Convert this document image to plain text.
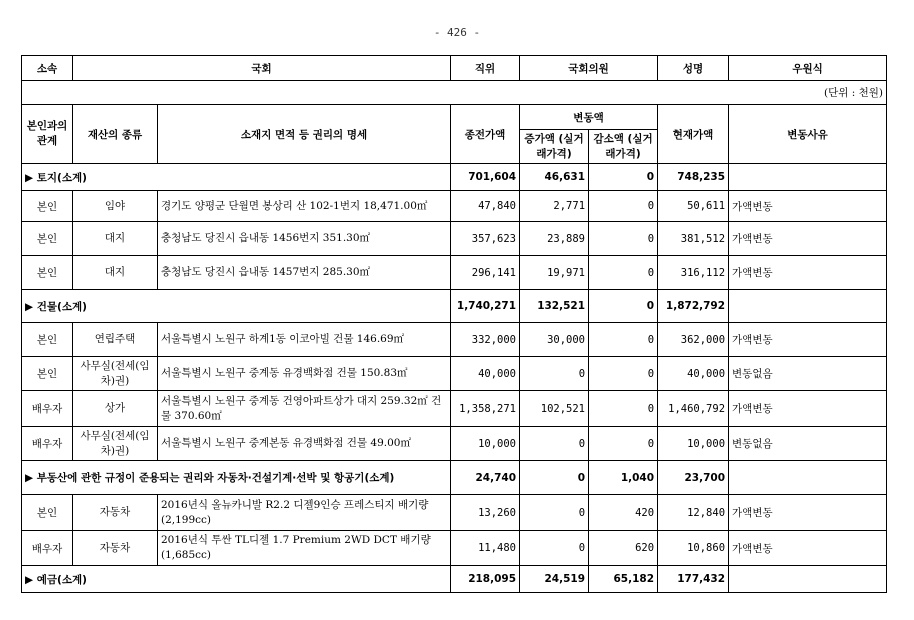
- 426 -
소속	국회		직위	국회의원		성명	우원식
(단위 : 천원)							
본인과의 관계	재산의 종류	소재지 면적 등 권리의 명세	종전가액	변동액		현재가액	변동사유
				증가액 (실거래가격)	감소액 (실거래가격)		
▶ 토지(소계)			701,604	46,631	0	748,235	
본인	임야	경기도 양평군 단월면 봉상리 산 102-1번지 18,471.00㎡	47,840	2,771	0	50,611	가액변동
본인	대지	충청남도 당진시 읍내동 1456번지 351.30㎡	357,623	23,889	0	381,512	가액변동
본인	대지	충청남도 당진시 읍내동 1457번지 285.30㎡	296,141	19,971	0	316,112	가액변동
▶ 건물(소계)			1,740,271	132,521	0	1,872,792	
본인	연립주택	서울특별시 노원구 하계1동 이코아빌 건물 146.69㎡	332,000	30,000	0	362,000	가액변동
본인	사무실(전세(임차)권)	서울특별시 노원구 중계동 유경백화점 건물 150.83㎡	40,000	0	0	40,000	변동없음
배우자	상가	서울특별시 노원구 중계동 건영아파트상가 대지 259.32㎡ 건물 370.60㎡	1,358,271	102,521	0	1,460,792	가액변동
배우자	사무실(전세(임차)권)	서울특별시 노원구 중계본동 유경백화점 건물 49.00㎡	10,000	0	0	10,000	변동없음
▶ 부동산에 관한 규정이 준용되는 권리와 자동차·건설기계·선박 및 항공기(소계)			24,740	0	1,040	23,700	
본인	자동차	2016년식 올뉴카니발 R2.2 디젤9인승 프레스티지 배기량(2,199cc)	13,260	0	420	12,840	가액변동
배우자	자동차	2016년식 투싼 TL디젤 1.7 Premium 2WD DCT 배기량(1,685cc)	11,480	0	620	10,860	가액변동
▶ 예금(소계)			218,095	24,519	65,182	177,432	
